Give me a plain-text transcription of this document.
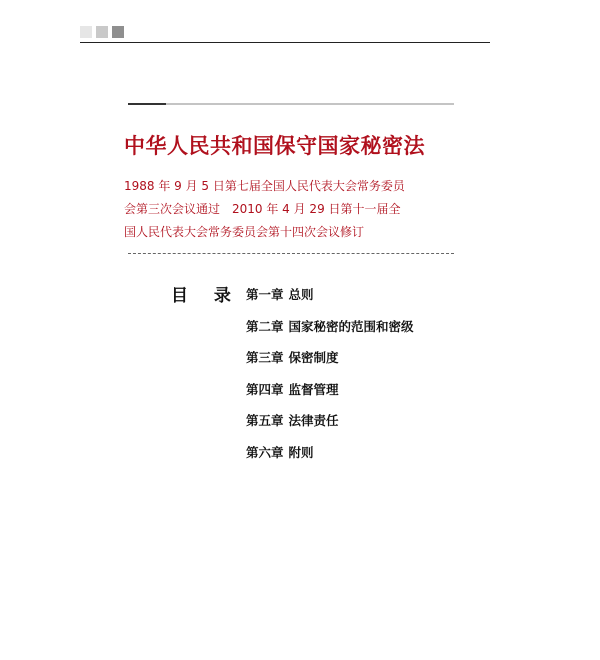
中华人民共和国保守国家秘密法
1988 年 9 月 5 日第七届全国人民代表大会常务委员
会第三次会议通过　2010 年 4 月 29 日第十一届全
国人民代表大会常务委员会第十四次会议修订
目 录 第一章 总则
第二章 国家秘密的范围和密级
第三章 保密制度
第四章 监督管理
第五章 法律责任
第六章 附则
